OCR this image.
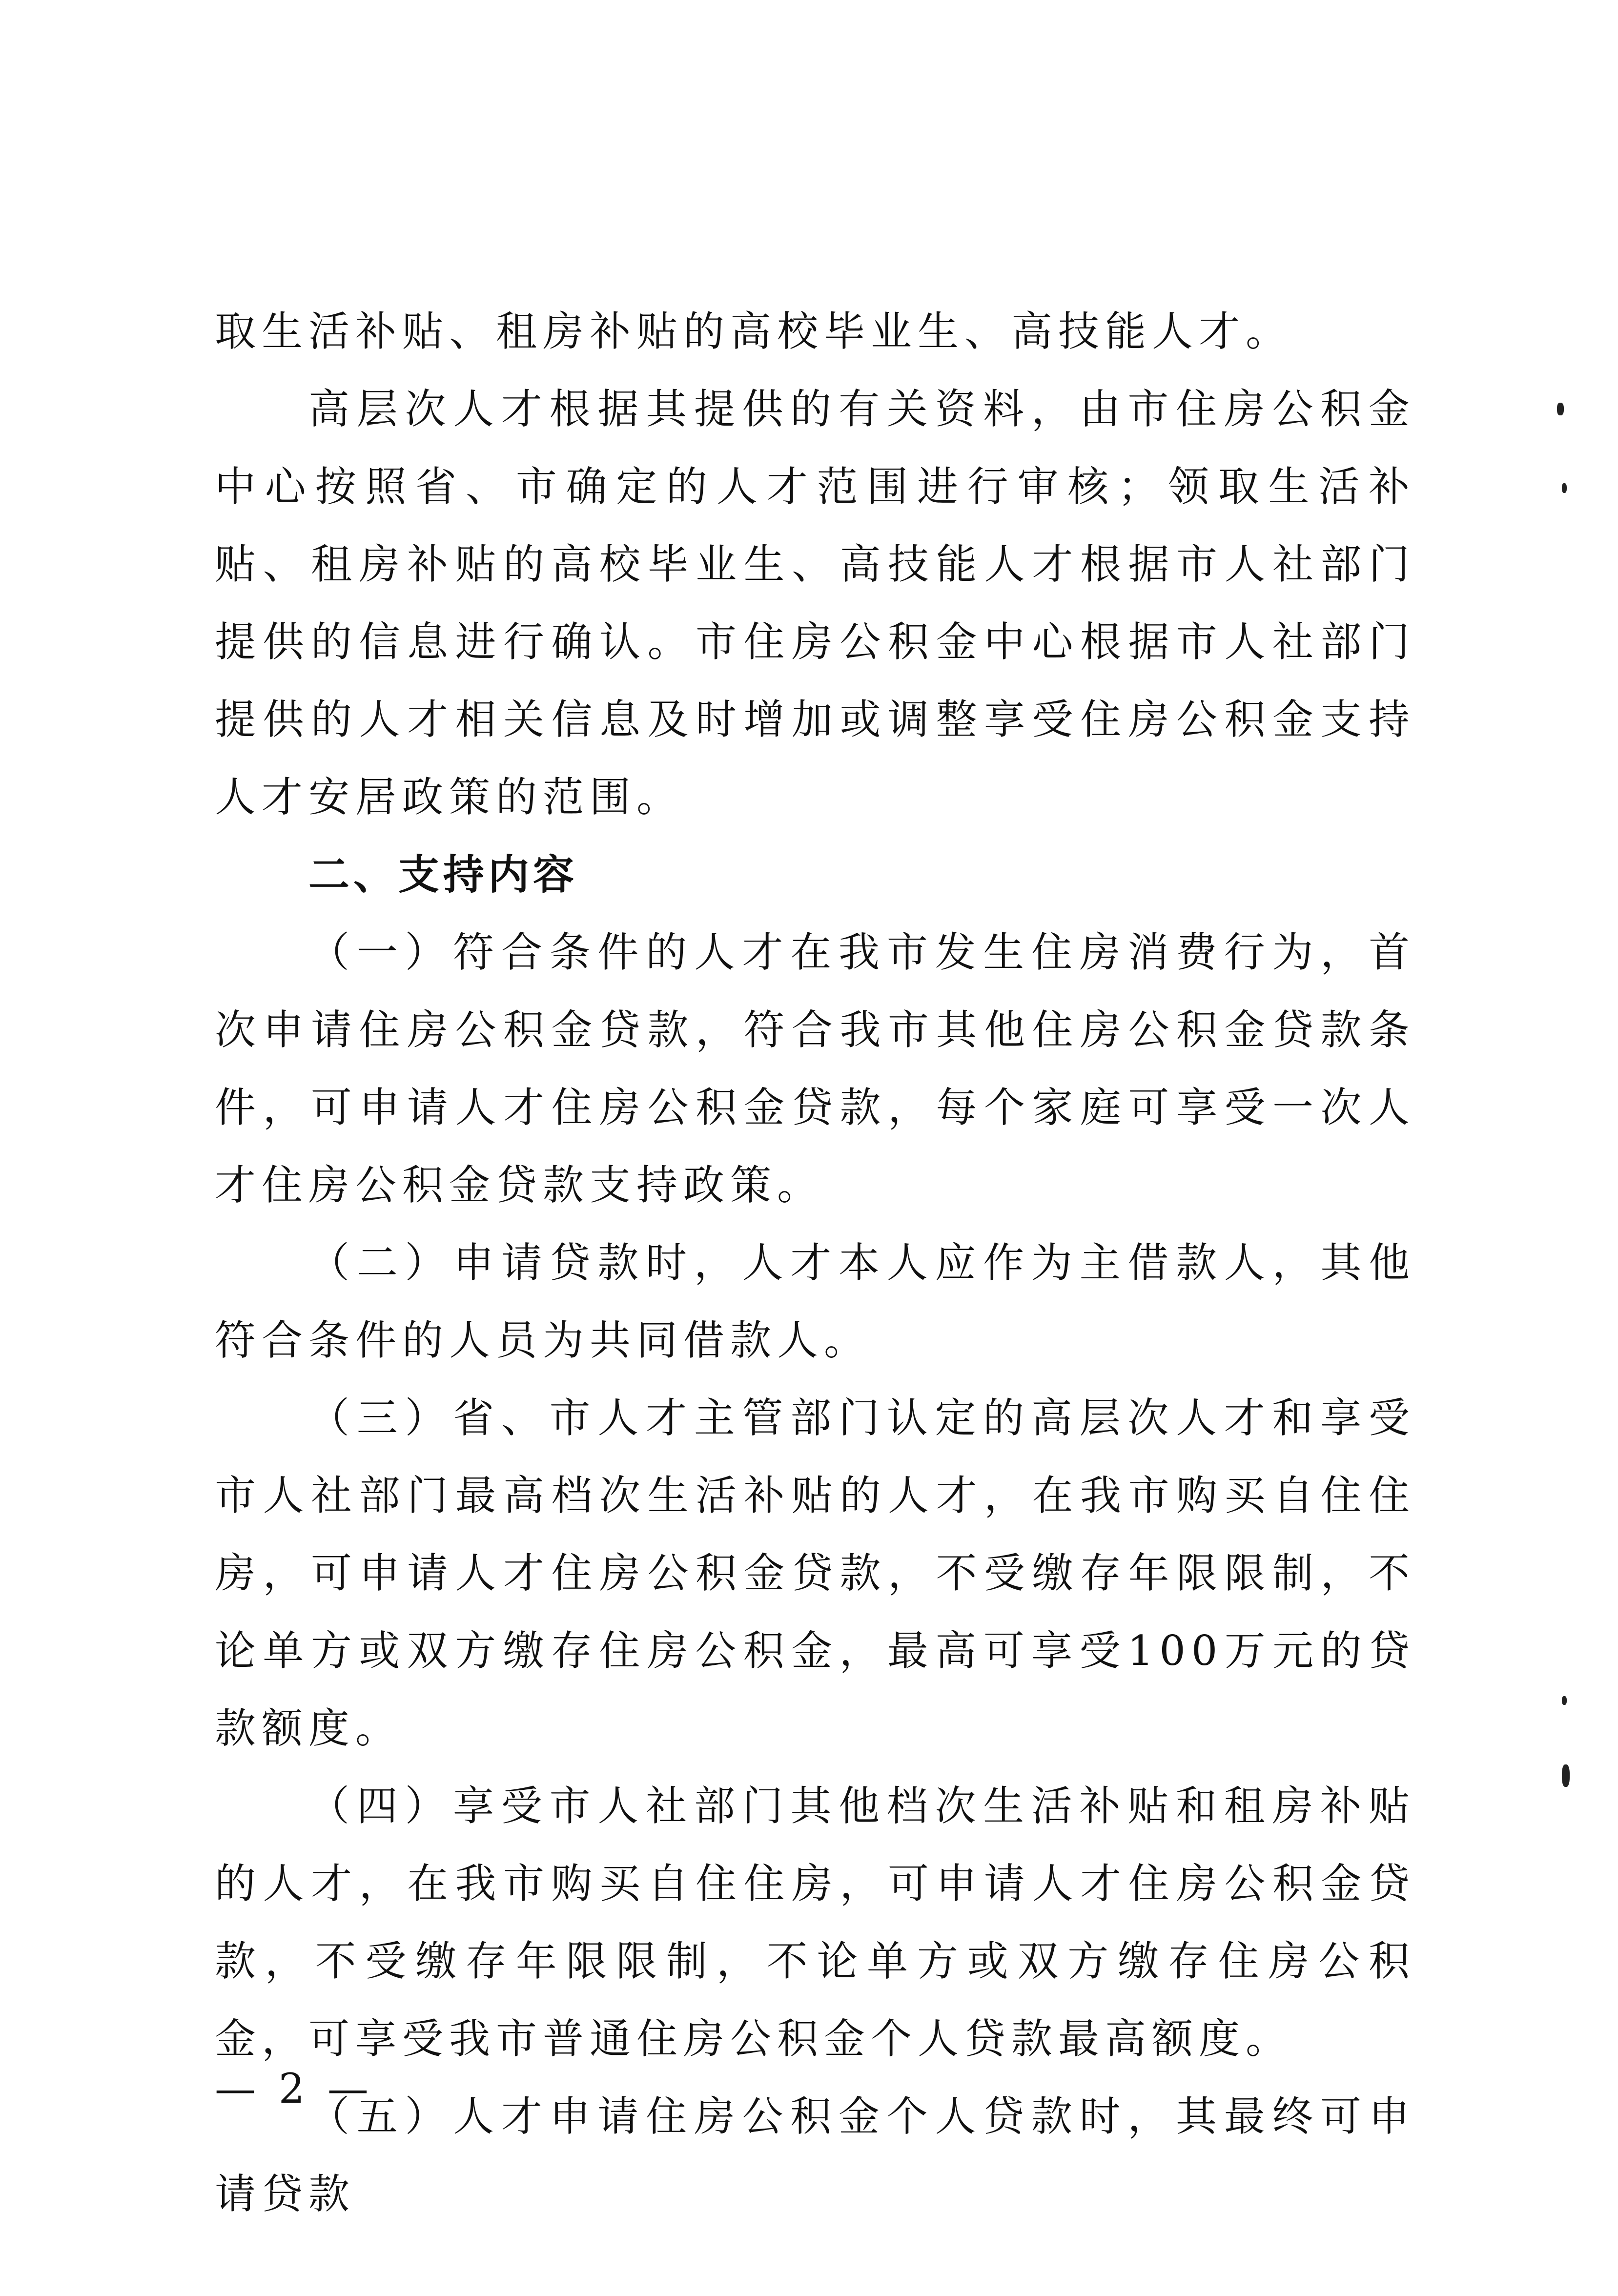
取生活补贴、租房补贴的高校毕业生、高技能人才。

高层次人才根据其提供的有关资料，由市住房公积金中心按照省、市确定的人才范围进行审核；领取生活补贴、租房补贴的高校毕业生、高技能人才根据市人社部门提供的信息进行确认。市住房公积金中心根据市人社部门提供的人才相关信息及时增加或调整享受住房公积金支持人才安居政策的范围。

二、支持内容

（一）符合条件的人才在我市发生住房消费行为，首次申请住房公积金贷款，符合我市其他住房公积金贷款条件，可申请人才住房公积金贷款，每个家庭可享受一次人才住房公积金贷款支持政策。

（二）申请贷款时，人才本人应作为主借款人，其他符合条件的人员为共同借款人。

（三）省、市人才主管部门认定的高层次人才和享受市人社部门最高档次生活补贴的人才，在我市购买自住住房，可申请人才住房公积金贷款，不受缴存年限限制，不论单方或双方缴存住房公积金，最高可享受100万元的贷款额度。

（四）享受市人社部门其他档次生活补贴和租房补贴的人才，在我市购买自住住房，可申请人才住房公积金贷款，不受缴存年限限制，不论单方或双方缴存住房公积金，可享受我市普通住房公积金个人贷款最高额度。

（五）人才申请住房公积金个人贷款时，其最终可申请贷款

— 2 —
